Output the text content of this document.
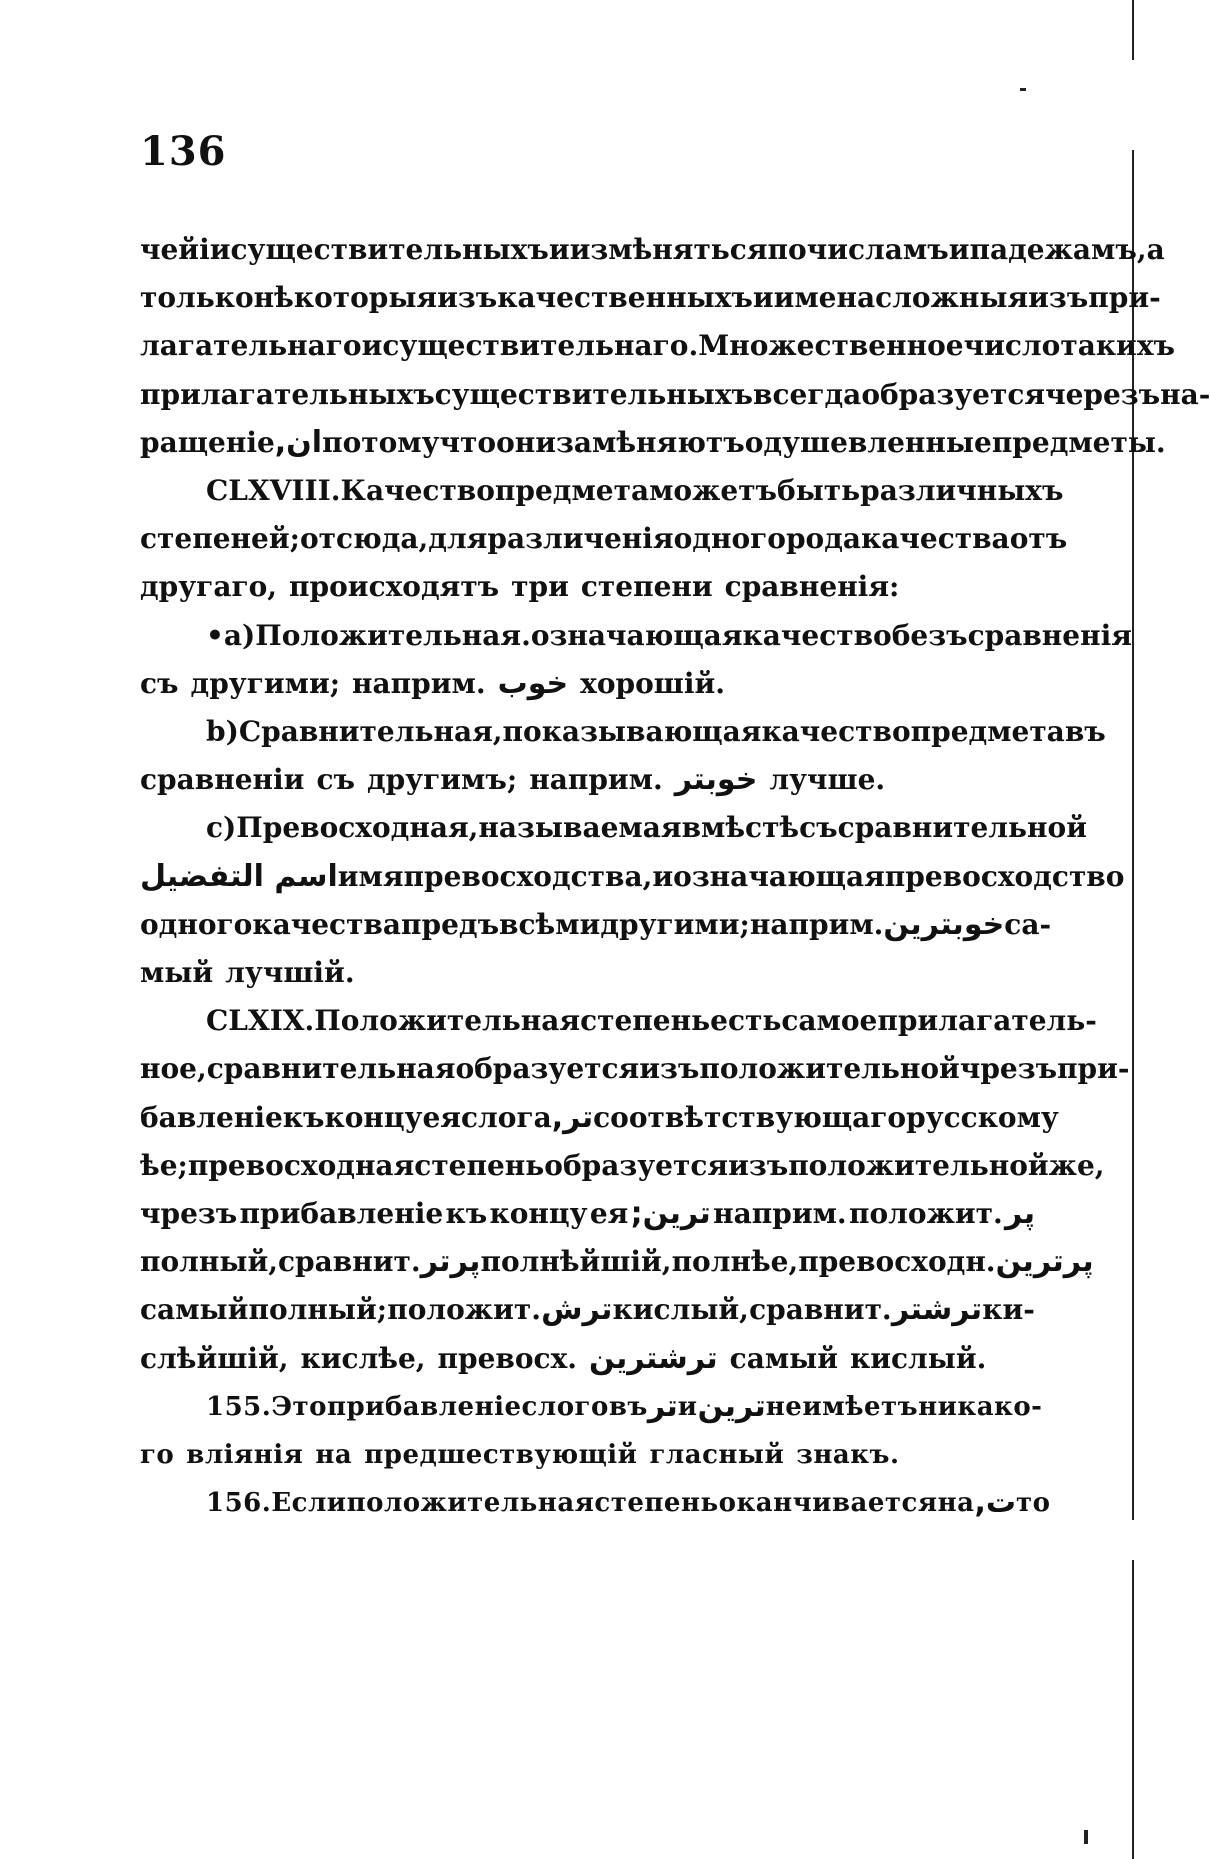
136
чейіи существительныхъ и измѣняться по числамъ и падежамъ, а
только нѣкоторыя изъ качественныхъ и имена сложныя изъ при-
лагательнаго и существительнаго. Множественное число такихъ
прилагательныхъ существительныхъ всегда образуется черезъ на-
ращеніе ان, потому что они замѣняютъ одушевленные предметы.
CLXVIII. Качество предмета можетъ быть различныхъ
степеней; отсюда, для различенія одного рода качества отъ
другаго, происходятъ три степени сравненія:
•а) Положительная. означающая качество безъ сравненія
съ другими; наприм. خوب хорошій.
b) Сравнительная, показывающая качество предмета въ
сравненіи съ другимъ; наприм. خوبتر лучше.
c) Превосходная, называемая вмѣстѣ съ сравнительной
اسم التفضيل имя превосходства, и означающая превосходство
одного качества предъ всѣми другими; наприм. خوبترين са-
мый лучшій.
CLXIX. Положительная степень есть самое прилагатель-
ное, сравнительная образуется изъ положительной чрезъ при-
бавленіе къ концу ея слога تر, соотвѣтствующаго русскому
ѣе; превосходная степень образуется изъ положительной же,
чрезъ прибавленіе къ концу ея ترين; наприм. положит. پر
полный, сравнит. پرتر полнѣйшій, полнѣе, превосходн. پرترين
самый полный; положит. ترش кислый, сравнит. ترشتر ки-
слѣйшій, кислѣе, превосх. ترشترين самый кислый.
155. Это прибавленіе слоговъ تر и ترين не имѣетъ никако-
го вліянія на предшествующій гласный знакъ.
156. Если положительная степень оканчивается на ت, то
